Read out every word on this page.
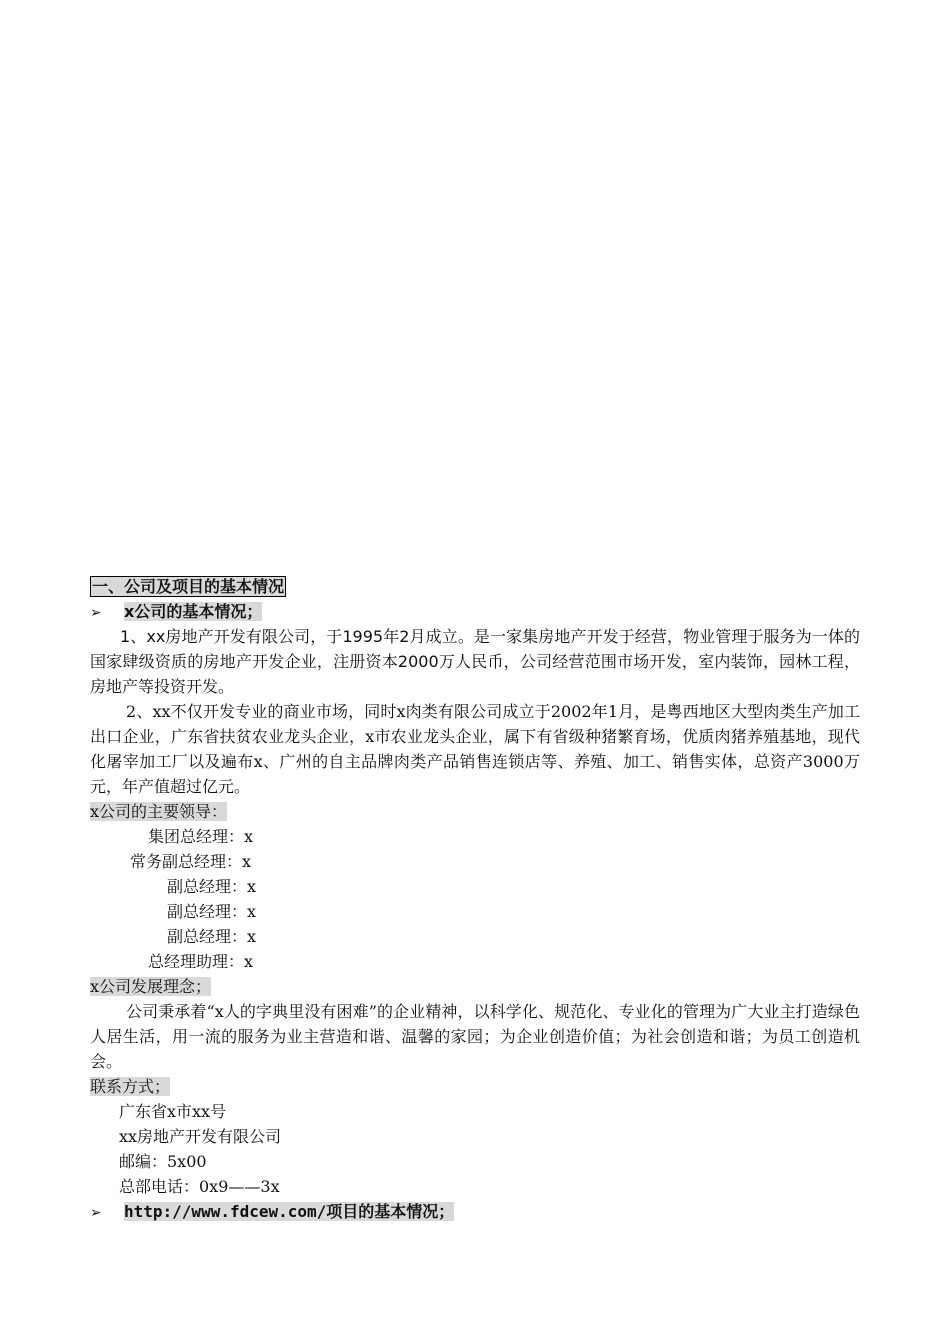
一、公司及项目的基本情况
➢ x公司的基本情况；
1、xx房地产开发有限公司，于1995年2月成立。是一家集房地产开发于经营，物业管理于服务为一体的国家肆级资质的房地产开发企业，注册资本2000万人民币，公司经营范围市场开发，室内装饰，园林工程，房地产等投资开发。
2、xx不仅开发专业的商业市场，同时x肉类有限公司成立于2002年1月，是粤西地区大型肉类生产加工出口企业，广东省扶贫农业龙头企业，x市农业龙头企业，属下有省级种猪繁育场，优质肉猪养殖基地，现代化屠宰加工厂以及遍布x、广州的自主品牌肉类产品销售连锁店等、养殖、加工、销售实体，总资产3000万元，年产值超过亿元。
x公司的主要领导：
集团总经理：x
常务副总经理：x
副总经理：x
副总经理：x
副总经理：x
总经理助理：x
x公司发展理念；
公司秉承着“x人的字典里没有困难”的企业精神，以科学化、规范化、专业化的管理为广大业主打造绿色人居生活，用一流的服务为业主营造和谐、温馨的家园；为企业创造价值；为社会创造和谐；为员工创造机会。
联系方式；
广东省x市xx号
xx房地产开发有限公司
邮编：5x00
总部电话：0x9——3x
➢ http://www.fdcew.com/项目的基本情况；
